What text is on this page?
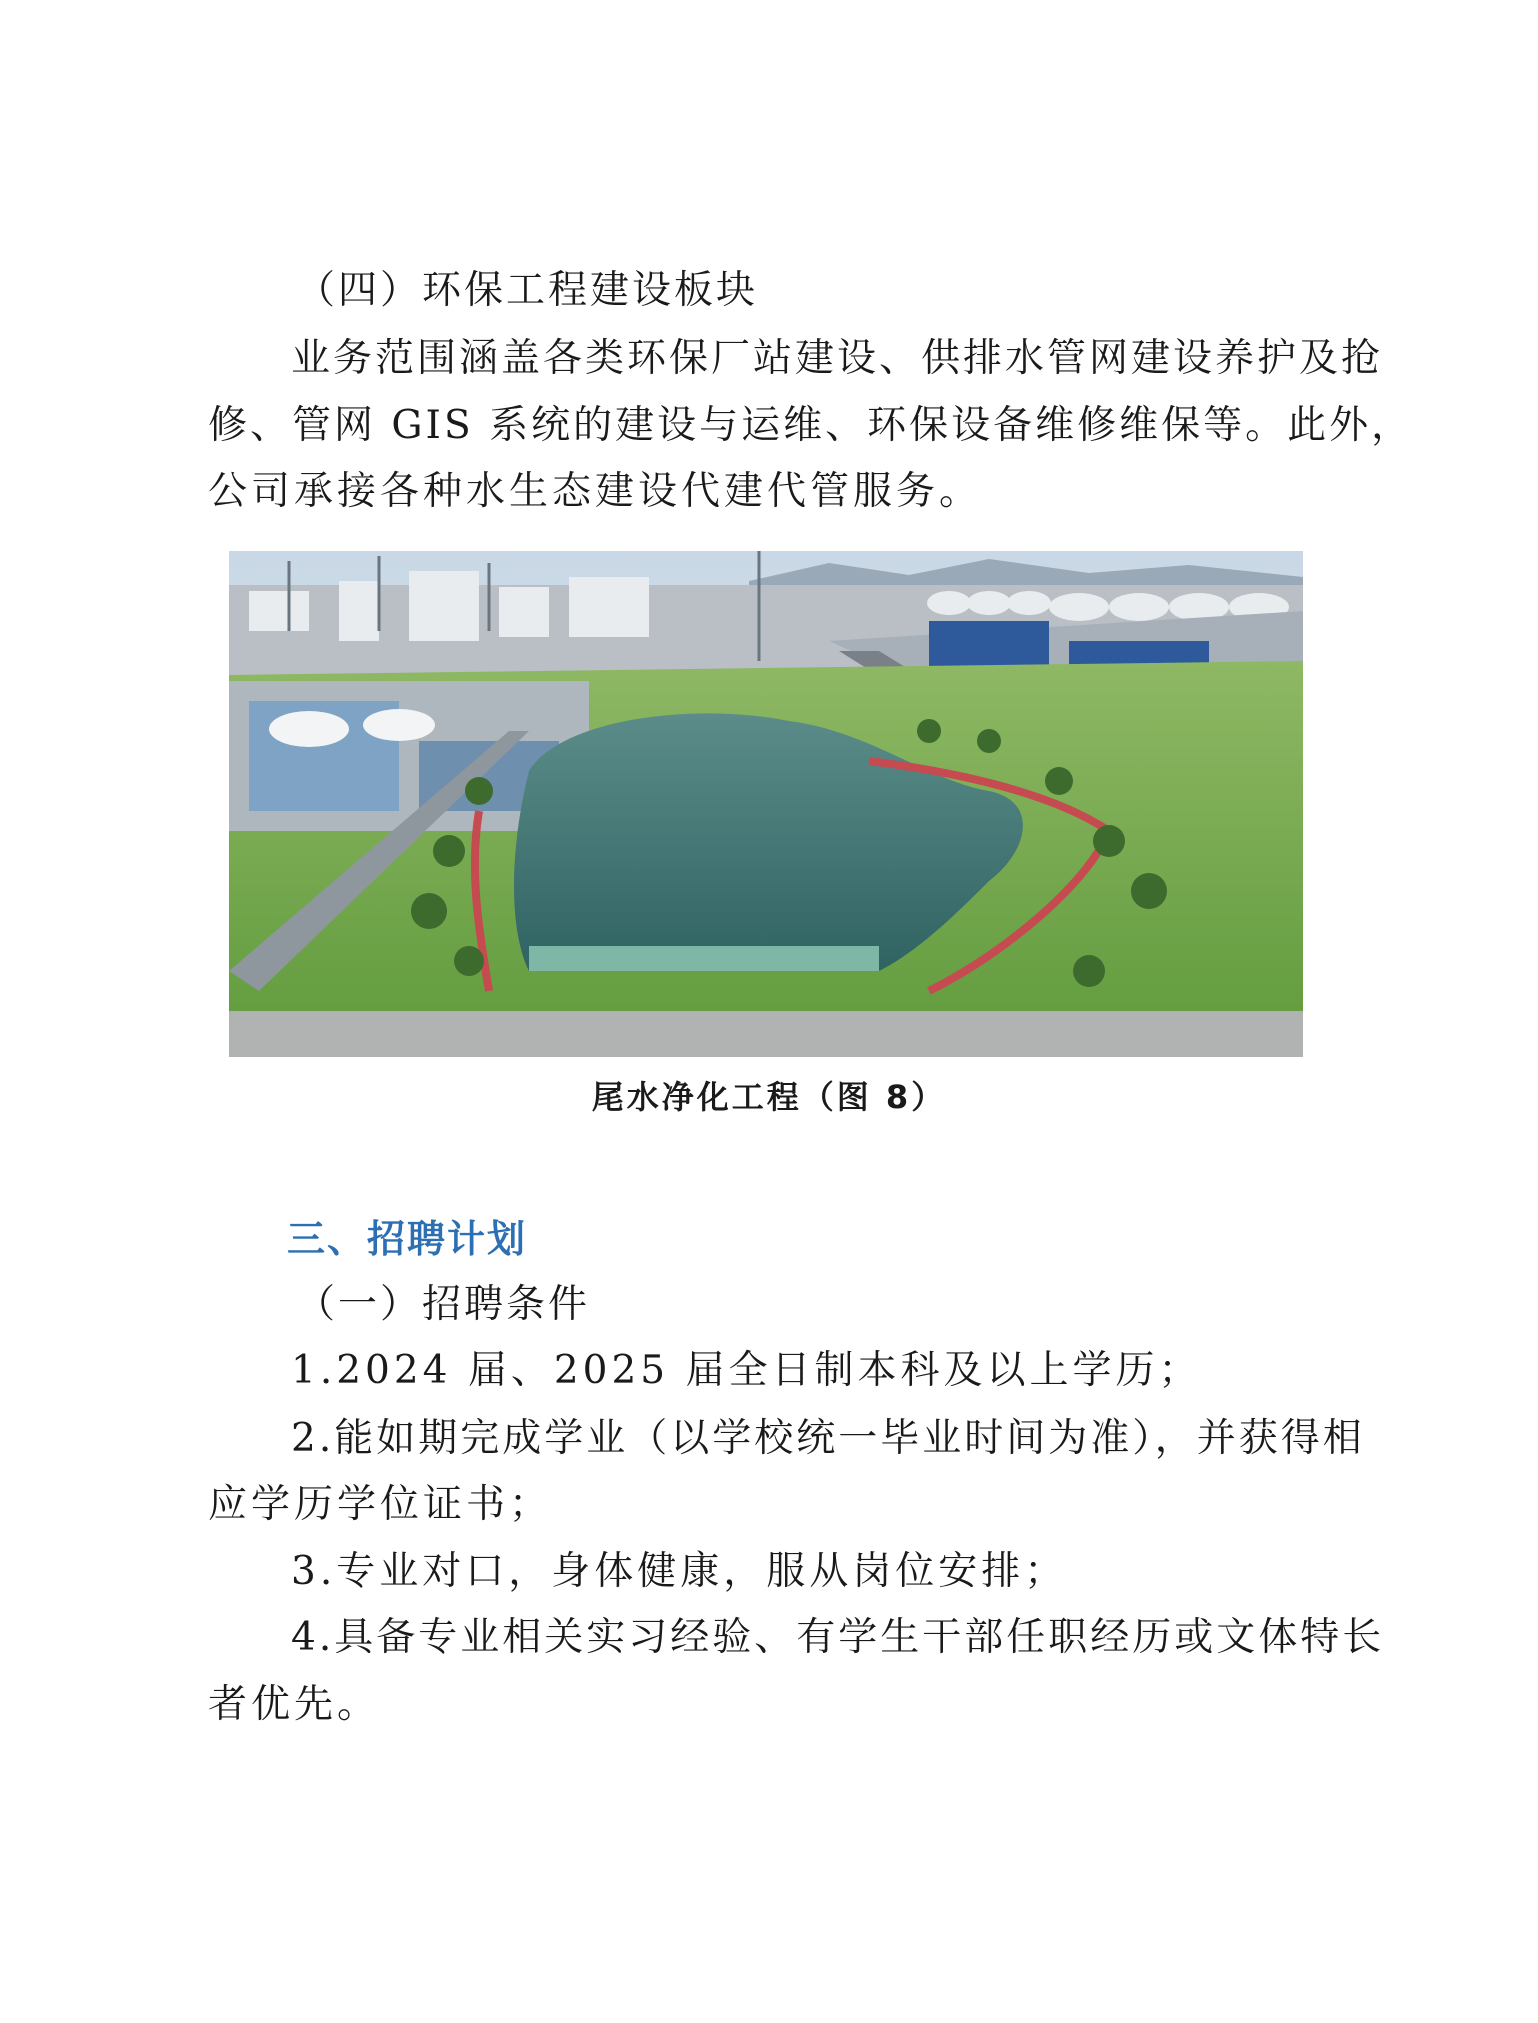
（四）环保工程建设板块
业务范围涵盖各类环保厂站建设、供排水管网建设养护及抢
修、管网 GIS 系统的建设与运维、环保设备维修维保等。此外，
公司承接各种水生态建设代建代管服务。
尾水净化工程（图 8）
三、招聘计划
（一）招聘条件
1.2024 届、2025 届全日制本科及以上学历；
2.能如期完成学业（以学校统一毕业时间为准），并获得相
应学历学位证书；
3.专业对口，身体健康，服从岗位安排；
4.具备专业相关实习经验、有学生干部任职经历或文体特长
者优先。
